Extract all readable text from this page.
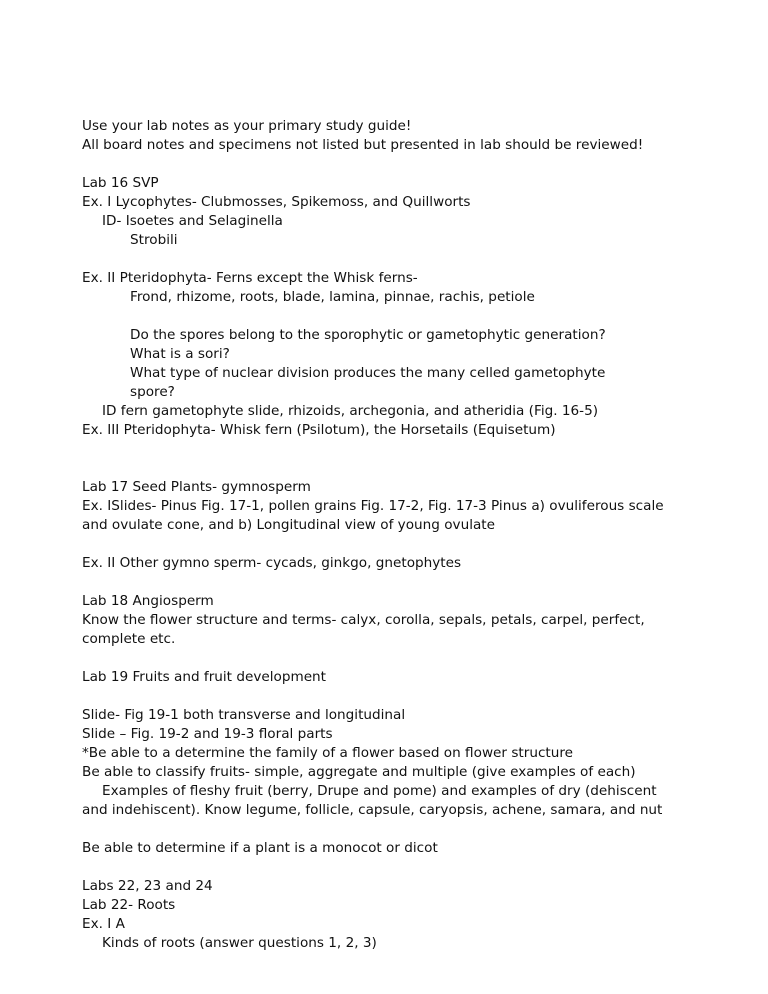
Use your lab notes as your primary study guide!
All board notes and specimens not listed but presented in lab should be reviewed!
Lab 16 SVP
Ex. I Lycophytes- Clubmosses, Spikemoss, and Quillworts
ID- Isoetes and Selaginella
Strobili
Ex. II Pteridophyta- Ferns except the Whisk ferns-
Frond, rhizome, roots, blade, lamina, pinnae, rachis, petiole
Do the spores belong to the sporophytic or gametophytic generation?
What is a sori?
What type of nuclear division produces the many celled gametophyte
spore?
ID fern gametophyte slide, rhizoids, archegonia, and atheridia (Fig. 16-5)
Ex. III Pteridophyta- Whisk fern (Psilotum), the Horsetails (Equisetum)
Lab 17 Seed Plants- gymnosperm
Ex. ISlides- Pinus Fig. 17-1, pollen grains Fig. 17-2, Fig. 17-3 Pinus a) ovuliferous scale
and ovulate cone, and b) Longitudinal view of young ovulate
Ex. II Other gymno sperm- cycads, ginkgo, gnetophytes
Lab 18 Angiosperm
Know the flower structure and terms- calyx, corolla, sepals, petals, carpel, perfect,
complete etc.
Lab 19 Fruits and fruit development
Slide- Fig 19-1 both transverse and longitudinal
Slide – Fig. 19-2 and 19-3 floral parts
*Be able to a determine the family of a flower based on flower structure
Be able to classify fruits- simple, aggregate and multiple (give examples of each)
Examples of fleshy fruit (berry, Drupe and pome) and examples of dry (dehiscent
and indehiscent). Know legume, follicle, capsule, caryopsis, achene, samara, and nut
Be able to determine if a plant is a monocot or dicot
Labs 22, 23 and 24
Lab 22- Roots
Ex. I A
Kinds of roots (answer questions 1, 2, 3)
